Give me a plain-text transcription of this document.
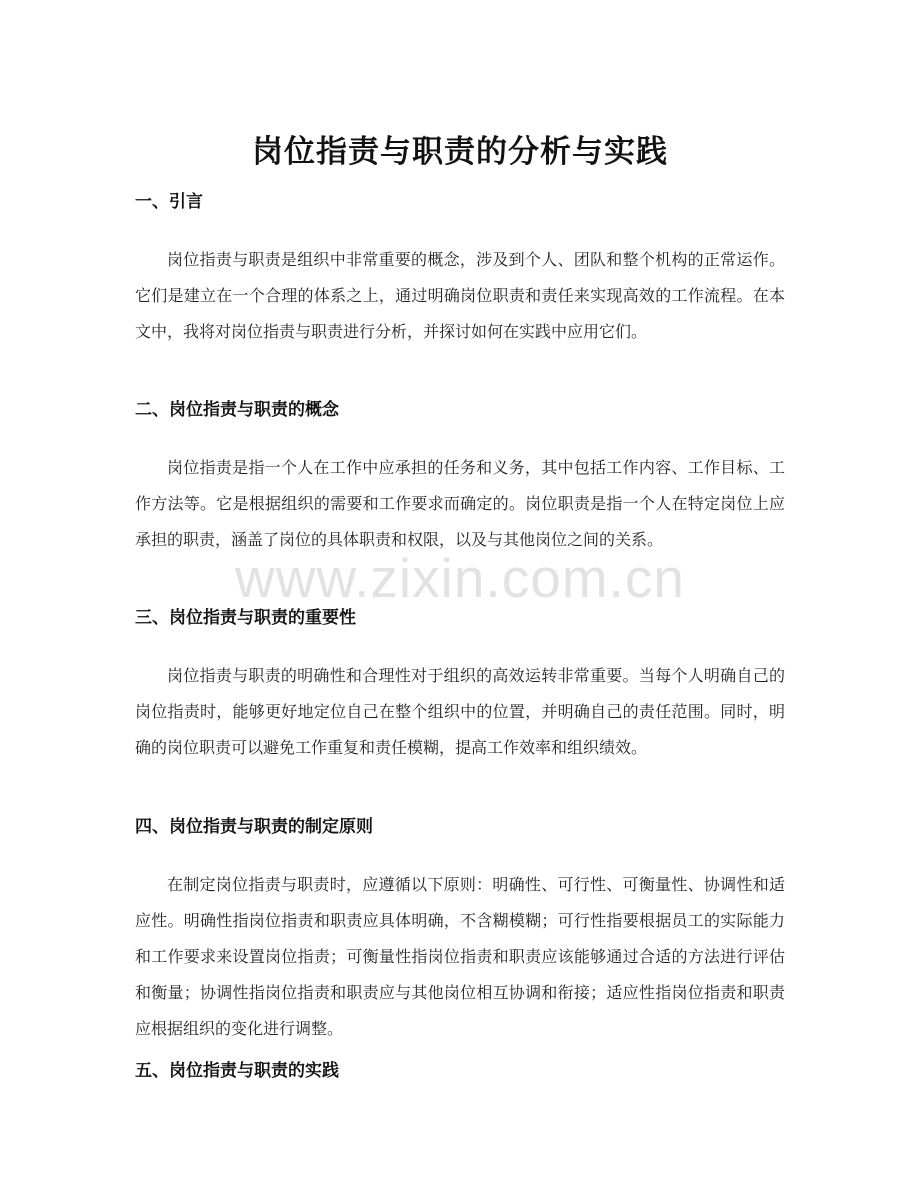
岗位指责与职责的分析与实践
一、引言

岗位指责与职责是组织中非常重要的概念，涉及到个人、团队和整个机构的正常运作。它们是建立在一个合理的体系之上，通过明确岗位职责和责任来实现高效的工作流程。在本文中，我将对岗位指责与职责进行分析，并探讨如何在实践中应用它们。

二、岗位指责与职责的概念

岗位指责是指一个人在工作中应承担的任务和义务，其中包括工作内容、工作目标、工作方法等。它是根据组织的需要和工作要求而确定的。岗位职责是指一个人在特定岗位上应承担的职责，涵盖了岗位的具体职责和权限，以及与其他岗位之间的关系。

三、岗位指责与职责的重要性

岗位指责与职责的明确性和合理性对于组织的高效运转非常重要。当每个人明确自己的岗位指责时，能够更好地定位自己在整个组织中的位置，并明确自己的责任范围。同时，明确的岗位职责可以避免工作重复和责任模糊，提高工作效率和组织绩效。

四、岗位指责与职责的制定原则

在制定岗位指责与职责时，应遵循以下原则：明确性、可行性、可衡量性、协调性和适应性。明确性指岗位指责和职责应具体明确，不含糊模糊；可行性指要根据员工的实际能力和工作要求来设置岗位指责；可衡量性指岗位指责和职责应该能够通过合适的方法进行评估和衡量；协调性指岗位指责和职责应与其他岗位相互协调和衔接；适应性指岗位指责和职责应根据组织的变化进行调整。

五、岗位指责与职责的实践
www.zixin.com.cn
